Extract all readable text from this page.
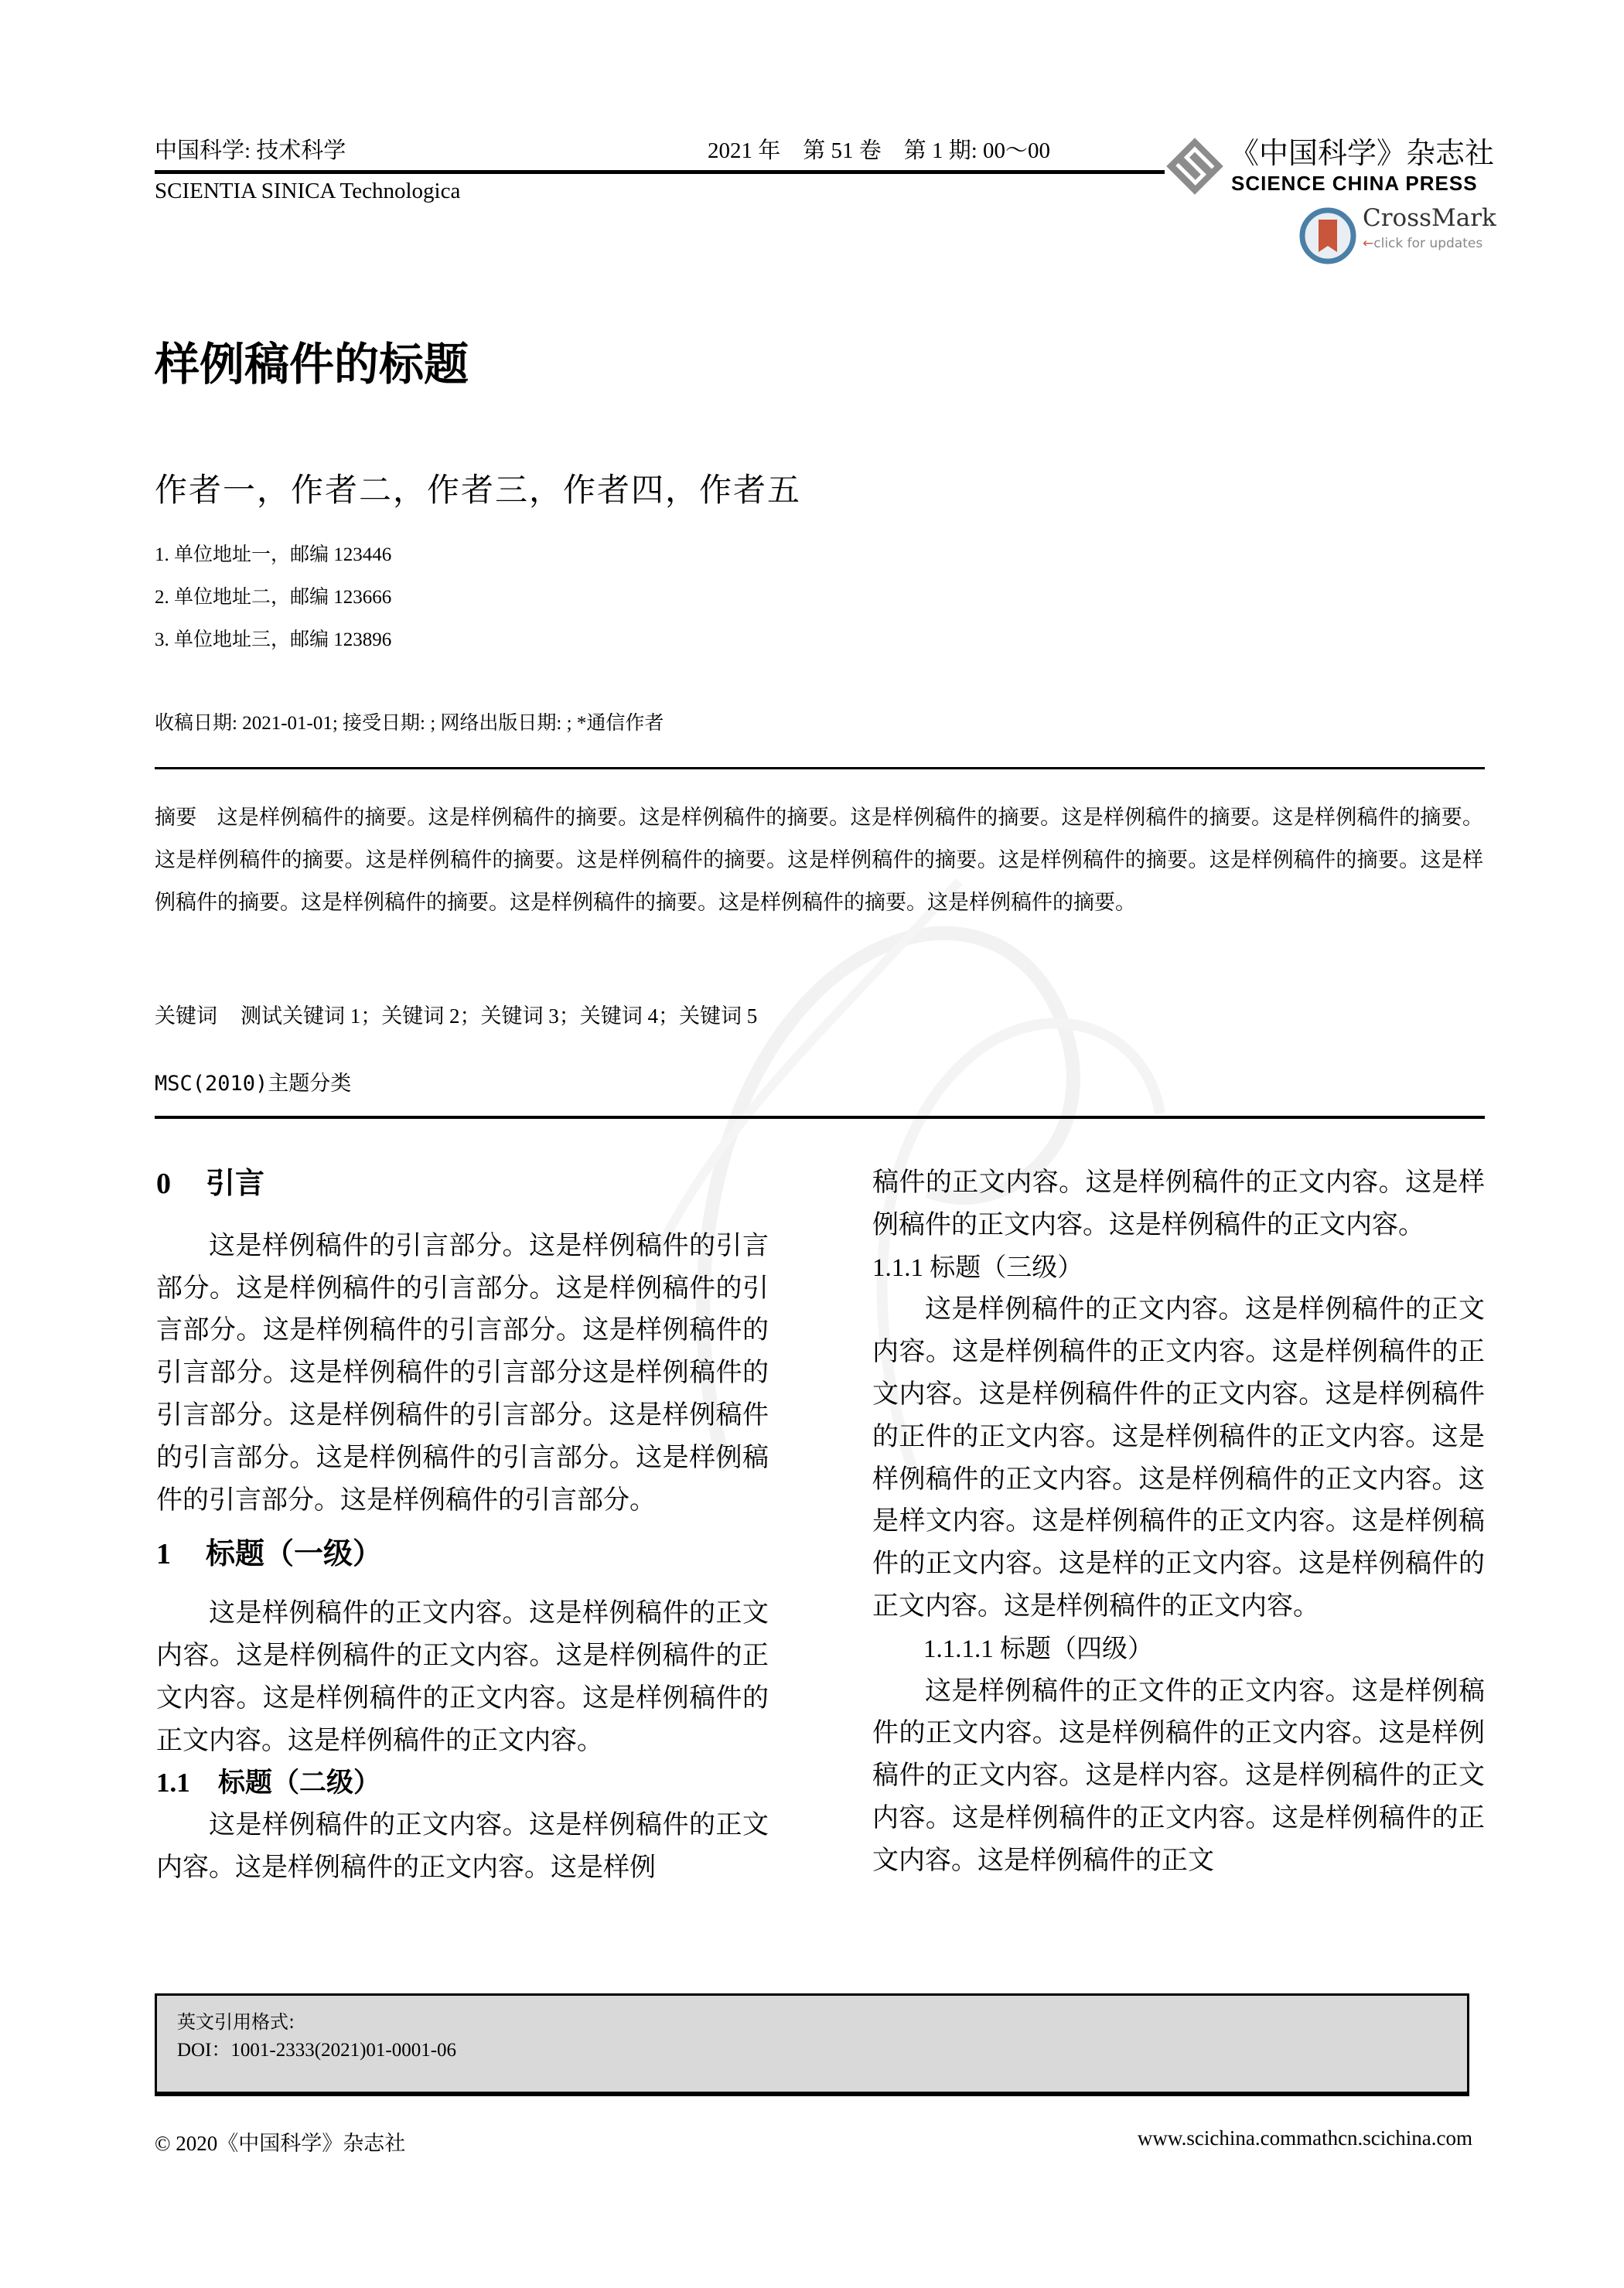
中国科学: 技术科学	2021 年　第 51 卷　第 1 期: 00～00
SCIENTIA SINICA Technologica
《中国科学》杂志社
SCIENCE CHINA PRESS
CrossMark
←click for updates
样例稿件的标题
作者一，作者二，作者三，作者四，作者五
1. 单位地址一，邮编 123446
2. 单位地址二，邮编 123666
3. 单位地址三，邮编 123896
收稿日期: 2021-01-01; 接受日期: ; 网络出版日期: ; *通信作者
摘要 这是样例稿件的摘要。这是样例稿件的摘要。这是样例稿件的摘要。这是样例稿件的摘要。这是样例稿件的摘要。这是样例稿件的摘要。这是样例稿件的摘要。这是样例稿件的摘要。这是样例稿件的摘要。这是样例稿件的摘要。这是样例稿件的摘要。这是样例稿件的摘要。这是样例稿件的摘要。这是样例稿件的摘要。这是样例稿件的摘要。这是样例稿件的摘要。这是样例稿件的摘要。
关键词 测试关键词 1；关键词 2；关键词 3；关键词 4；关键词 5
MSC(2010)主题分类
0 引言

这是样例稿件的引言部分。这是样例稿件的引言部分。这是样例稿件的引言部分。这是样例稿件的引言部分。这是样例稿件的引言部分。这是样例稿件的引言部分。这是样例稿件的引言部分这是样例稿件的引言部分。这是样例稿件的引言部分。这是样例稿件的引言部分。这是样例稿件的引言部分。这是样例稿件的引言部分。这是样例稿件的引言部分。

1 标题（一级）

这是样例稿件的正文内容。这是样例稿件的正文内容。这是样例稿件的正文内容。这是样例稿件的正文内容。这是样例稿件的正文内容。这是样例稿件的正文内容。这是样例稿件的正文内容。

1.1 标题（二级）

这是样例稿件的正文内容。这是样例稿件的正文内容。这是样例稿件的正文内容。这是样例

稿件的正文内容。这是样例稿件的正文内容。这是样例稿件的正文内容。这是样例稿件的正文内容。

1.1.1 标题（三级）

这是样例稿件的正文内容。这是样例稿件的正文内容。这是样例稿件的正文内容。这是样例稿件的正文内容。这是样例稿件件的正文内容。这是样例稿件的正件的正文内容。这是样例稿件的正文内容。这是样例稿件的正文内容。这是样例稿件的正文内容。这是样文内容。这是样例稿件的正文内容。这是样例稿件的正文内容。这是样的正文内容。这是样例稿件的正文内容。这是样例稿件的正文内容。

1.1.1.1 标题（四级）

这是样例稿件的正文件的正文内容。这是样例稿件的正文内容。这是样例稿件的正文内容。这是样例稿件的正文内容。这是样内容。这是样例稿件的正文内容。这是样例稿件的正文内容。这是样例稿件的正文内容。这是样例稿件的正文

英文引用格式:
DOI：1001-2333(2021)01-0001-06
© 2020《中国科学》杂志社	www.scichina.commathcn.scichina.com
